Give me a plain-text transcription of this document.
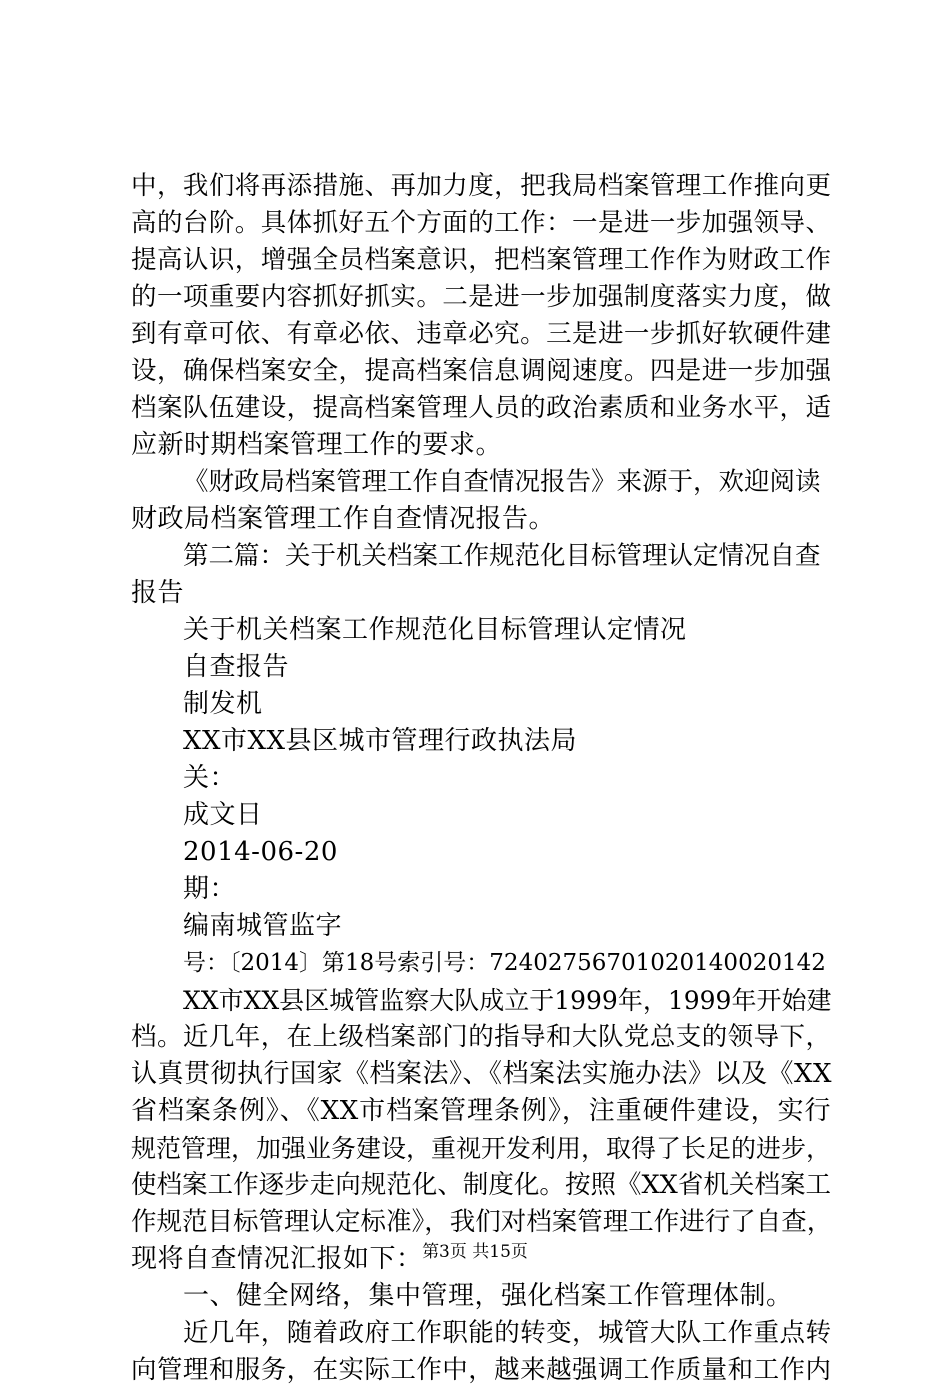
中，我们将再添措施、再加力度，把我局档案管理工作推向更
高的台阶。具体抓好五个方面的工作：一是进一步加强领导、
提高认识，增强全员档案意识，把档案管理工作作为财政工作
的一项重要内容抓好抓实。二是进一步加强制度落实力度，做
到有章可依、有章必依、违章必究。三是进一步抓好软硬件建
设，确保档案安全，提高档案信息调阅速度。四是进一步加强
档案队伍建设，提高档案管理人员的政治素质和业务水平，适
应新时期档案管理工作的要求。
《财政局档案管理工作自查情况报告》来源于，欢迎阅读
财政局档案管理工作自查情况报告。
第二篇：关于机关档案工作规范化目标管理认定情况自查
报告
关于机关档案工作规范化目标管理认定情况
自查报告
制发机
XX市XX县区城市管理行政执法局
关：
成文日
2014-06-20
期：
编南城管监字
号：〔2014〕第18号索引号：72402756701020140020142
XX市XX县区城管监察大队成立于1999年，1999年开始建
档。近几年，在上级档案部门的指导和大队党总支的领导下，
认真贯彻执行国家《档案法》、《档案法实施办法》以及《XX
省档案条例》、《XX市档案管理条例》，注重硬件建设，实行
规范管理，加强业务建设，重视开发利用，取得了长足的进步，
使档案工作逐步走向规范化、制度化。按照《XX省机关档案工
作规范目标管理认定标准》，我们对档案管理工作进行了自查，
现将自查情况汇报如下：
一、健全网络，集中管理，强化档案工作管理体制。
近几年，随着政府工作职能的转变，城管大队工作重点转
向管理和服务，在实际工作中，越来越强调工作质量和工作内
第3页 共15页
